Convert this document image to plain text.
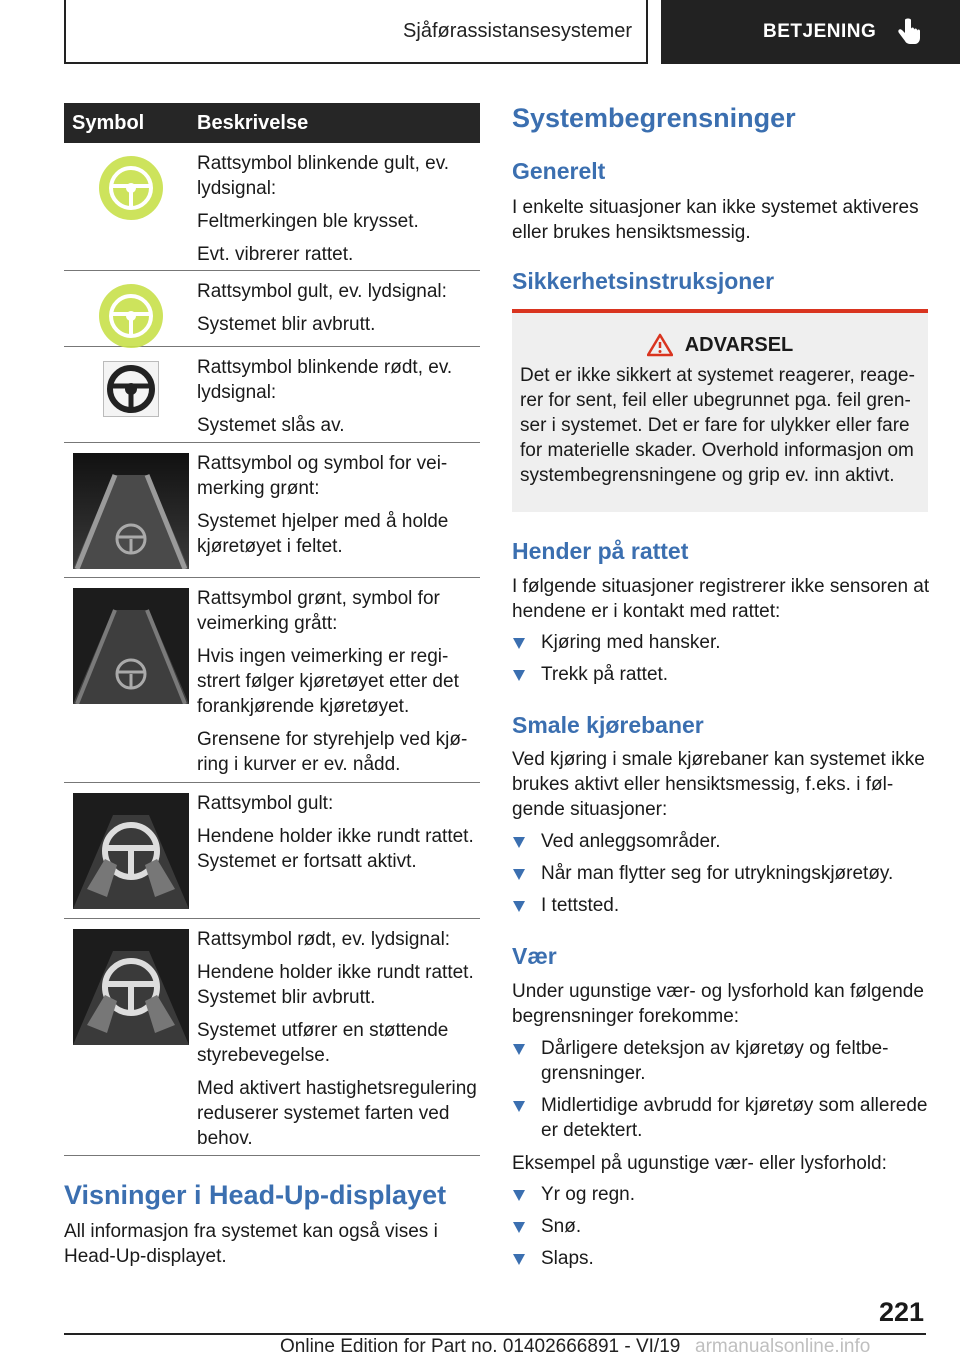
Sjåførassistansesystemer	BETJENING
Symbol	Beskrivelse

Rattsymbol blinkende gult, ev. lydsignal:

Feltmerkingen ble krysset.

Evt. vibrerer rattet.

Rattsymbol gult, ev. lydsignal:

Systemet blir avbrutt.

Rattsymbol blinkende rødt, ev. lydsignal:

Systemet slås av.

Rattsymbol og symbol for veimerking grønt:

Systemet hjelper med å holde kjøretøyet i feltet.

Rattsymbol grønt, symbol for veimerking grått:

Hvis ingen veimerking er registrert følger kjøretøyet etter det forankjørende kjøretøyet.

Grensene for styrehjelp ved kjøring i kurver er ev. nådd.

Rattsymbol gult:

Hendene holder ikke rundt rattet. Systemet er fortsatt aktivt.

Rattsymbol rødt, ev. lydsignal:

Hendene holder ikke rundt rattet. Systemet blir avbrutt.

Systemet utfører en støttende styrebevegelse.

Med aktivert hastighetsregulering reduserer systemet farten ved behov.

Visninger i Head-Up-displayet
All informasjon fra systemet kan også vises i Head-Up-displayet.
Systembegrensninger
Generelt
I enkelte situasjoner kan ikke systemet aktiveres eller brukes hensiktsmessig.
Sikkerhetsinstruksjoner
ADVARSEL
Det er ikke sikkert at systemet reagerer, reagerer for sent, feil eller ubegrunnet pga. feil grenser i systemet. Det er fare for ulykker eller fare for materielle skader. Overhold informasjon om systembegrensningene og grip ev. inn aktivt.
Hender på rattet
I følgende situasjoner registrerer ikke sensoren at hendene er i kontakt med rattet:
Kjøring med hansker.
Trekk på rattet.
Smale kjørebaner
Ved kjøring i smale kjørebaner kan systemet ikke brukes aktivt eller hensiktsmessig, f.eks. i følgende situasjoner:
Ved anleggsområder.
Når man flytter seg for utrykningskjøretøy.
I tettsted.
Vær
Under ugunstige vær- og lysforhold kan følgende begrensninger forekomme:
Dårligere deteksjon av kjøretøy og feltbegrensninger.
Midlertidige avbrudd for kjøretøy som allerede er detektert.
Eksempel på ugunstige vær- eller lysforhold:
Yr og regn.
Snø.
Slaps.
221
Online Edition for Part no. 01402666891 - VI/19 armanualsonline.info
